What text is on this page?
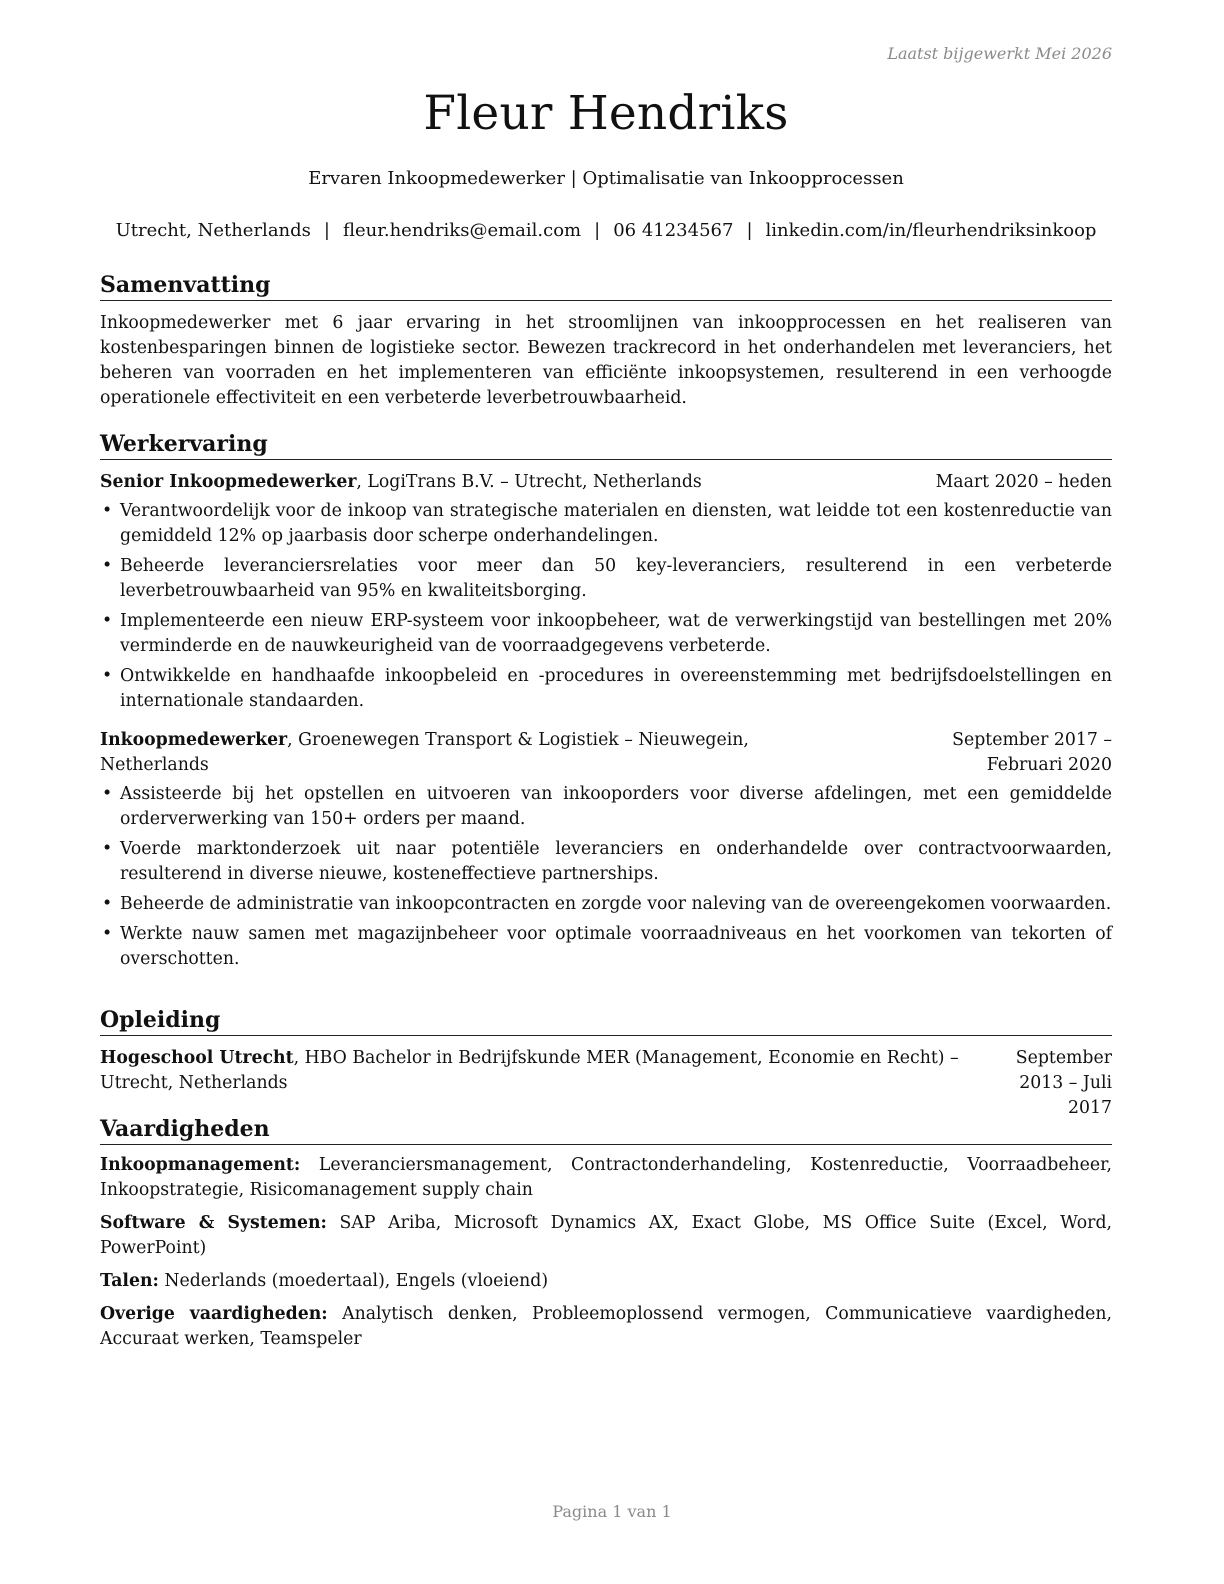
Laatst bijgewerkt Mei 2026
Fleur Hendriks
Ervaren Inkoopmedewerker | Optimalisatie van Inkoopprocessen
Utrecht, Netherlands | fleur.hendriks@email.com | 06 41234567 | linkedin.com/in/fleurhendriksinkoop
Samenvatting

Inkoopmedewerker met 6 jaar ervaring in het stroomlijnen van inkoopprocessen en het realiseren van kostenbesparingen binnen de logistieke sector. Bewezen trackrecord in het onderhandelen met leveranciers, het beheren van voorraden en het implementeren van efficiënte inkoopsystemen, resulterend in een verhoogde operationele effectiviteit en een verbeterde leverbetrouwbaarheid.

Werkervaring
Senior Inkoopmedewerker, LogiTrans B.V. – Utrecht, Netherlands	Maart 2020 – heden
• Verantwoordelijk voor de inkoop van strategische materialen en diensten, wat leidde tot een kostenreductie van gemiddeld 12% op jaarbasis door scherpe onderhandelingen.
• Beheerde leveranciersrelaties voor meer dan 50 key-leveranciers, resulterend in een verbeterde leverbetrouwbaarheid van 95% en kwaliteitsborging.
• Implementeerde een nieuw ERP-systeem voor inkoopbeheer, wat de verwerkingstijd van bestellingen met 20% verminderde en de nauwkeurigheid van de voorraadgegevens verbeterde.
• Ontwikkelde en handhaafde inkoopbeleid en -procedures in overeenstemming met bedrijfsdoelstellingen en internationale standaarden.
Inkoopmedewerker, Groenewegen Transport & Logistiek – Nieuwegein, Netherlands
September 2017 – Februari 2020
• Assisteerde bij het opstellen en uitvoeren van inkooporders voor diverse afdelingen, met een gemiddelde orderverwerking van 150+ orders per maand.
• Voerde marktonderzoek uit naar potentiële leveranciers en onderhandelde over contractvoorwaarden, resulterend in diverse nieuwe, kosteneffectieve partnerships.
• Beheerde de administratie van inkoopcontracten en zorgde voor naleving van de overeengekomen voorwaarden.
• Werkte nauw samen met magazijnbeheer voor optimale voorraadniveaus en het voorkomen van tekorten of overschotten.
Opleiding
Hogeschool Utrecht, HBO Bachelor in Bedrijfskunde MER (Management, Economie en Recht) – Utrecht, Netherlands
September 2013 – Juli 2017
Vaardigheden

Inkoopmanagement: Leveranciersmanagement, Contractonderhandeling, Kostenreductie, Voorraadbeheer, Inkoopstrategie, Risicomanagement supply chain

Software & Systemen: SAP Ariba, Microsoft Dynamics AX, Exact Globe, MS Office Suite (Excel, Word, PowerPoint)

Talen: Nederlands (moedertaal), Engels (vloeiend)

Overige vaardigheden: Analytisch denken, Probleemoplossend vermogen, Communicatieve vaardigheden, Accuraat werken, Teamspeler

Pagina 1 van 1
